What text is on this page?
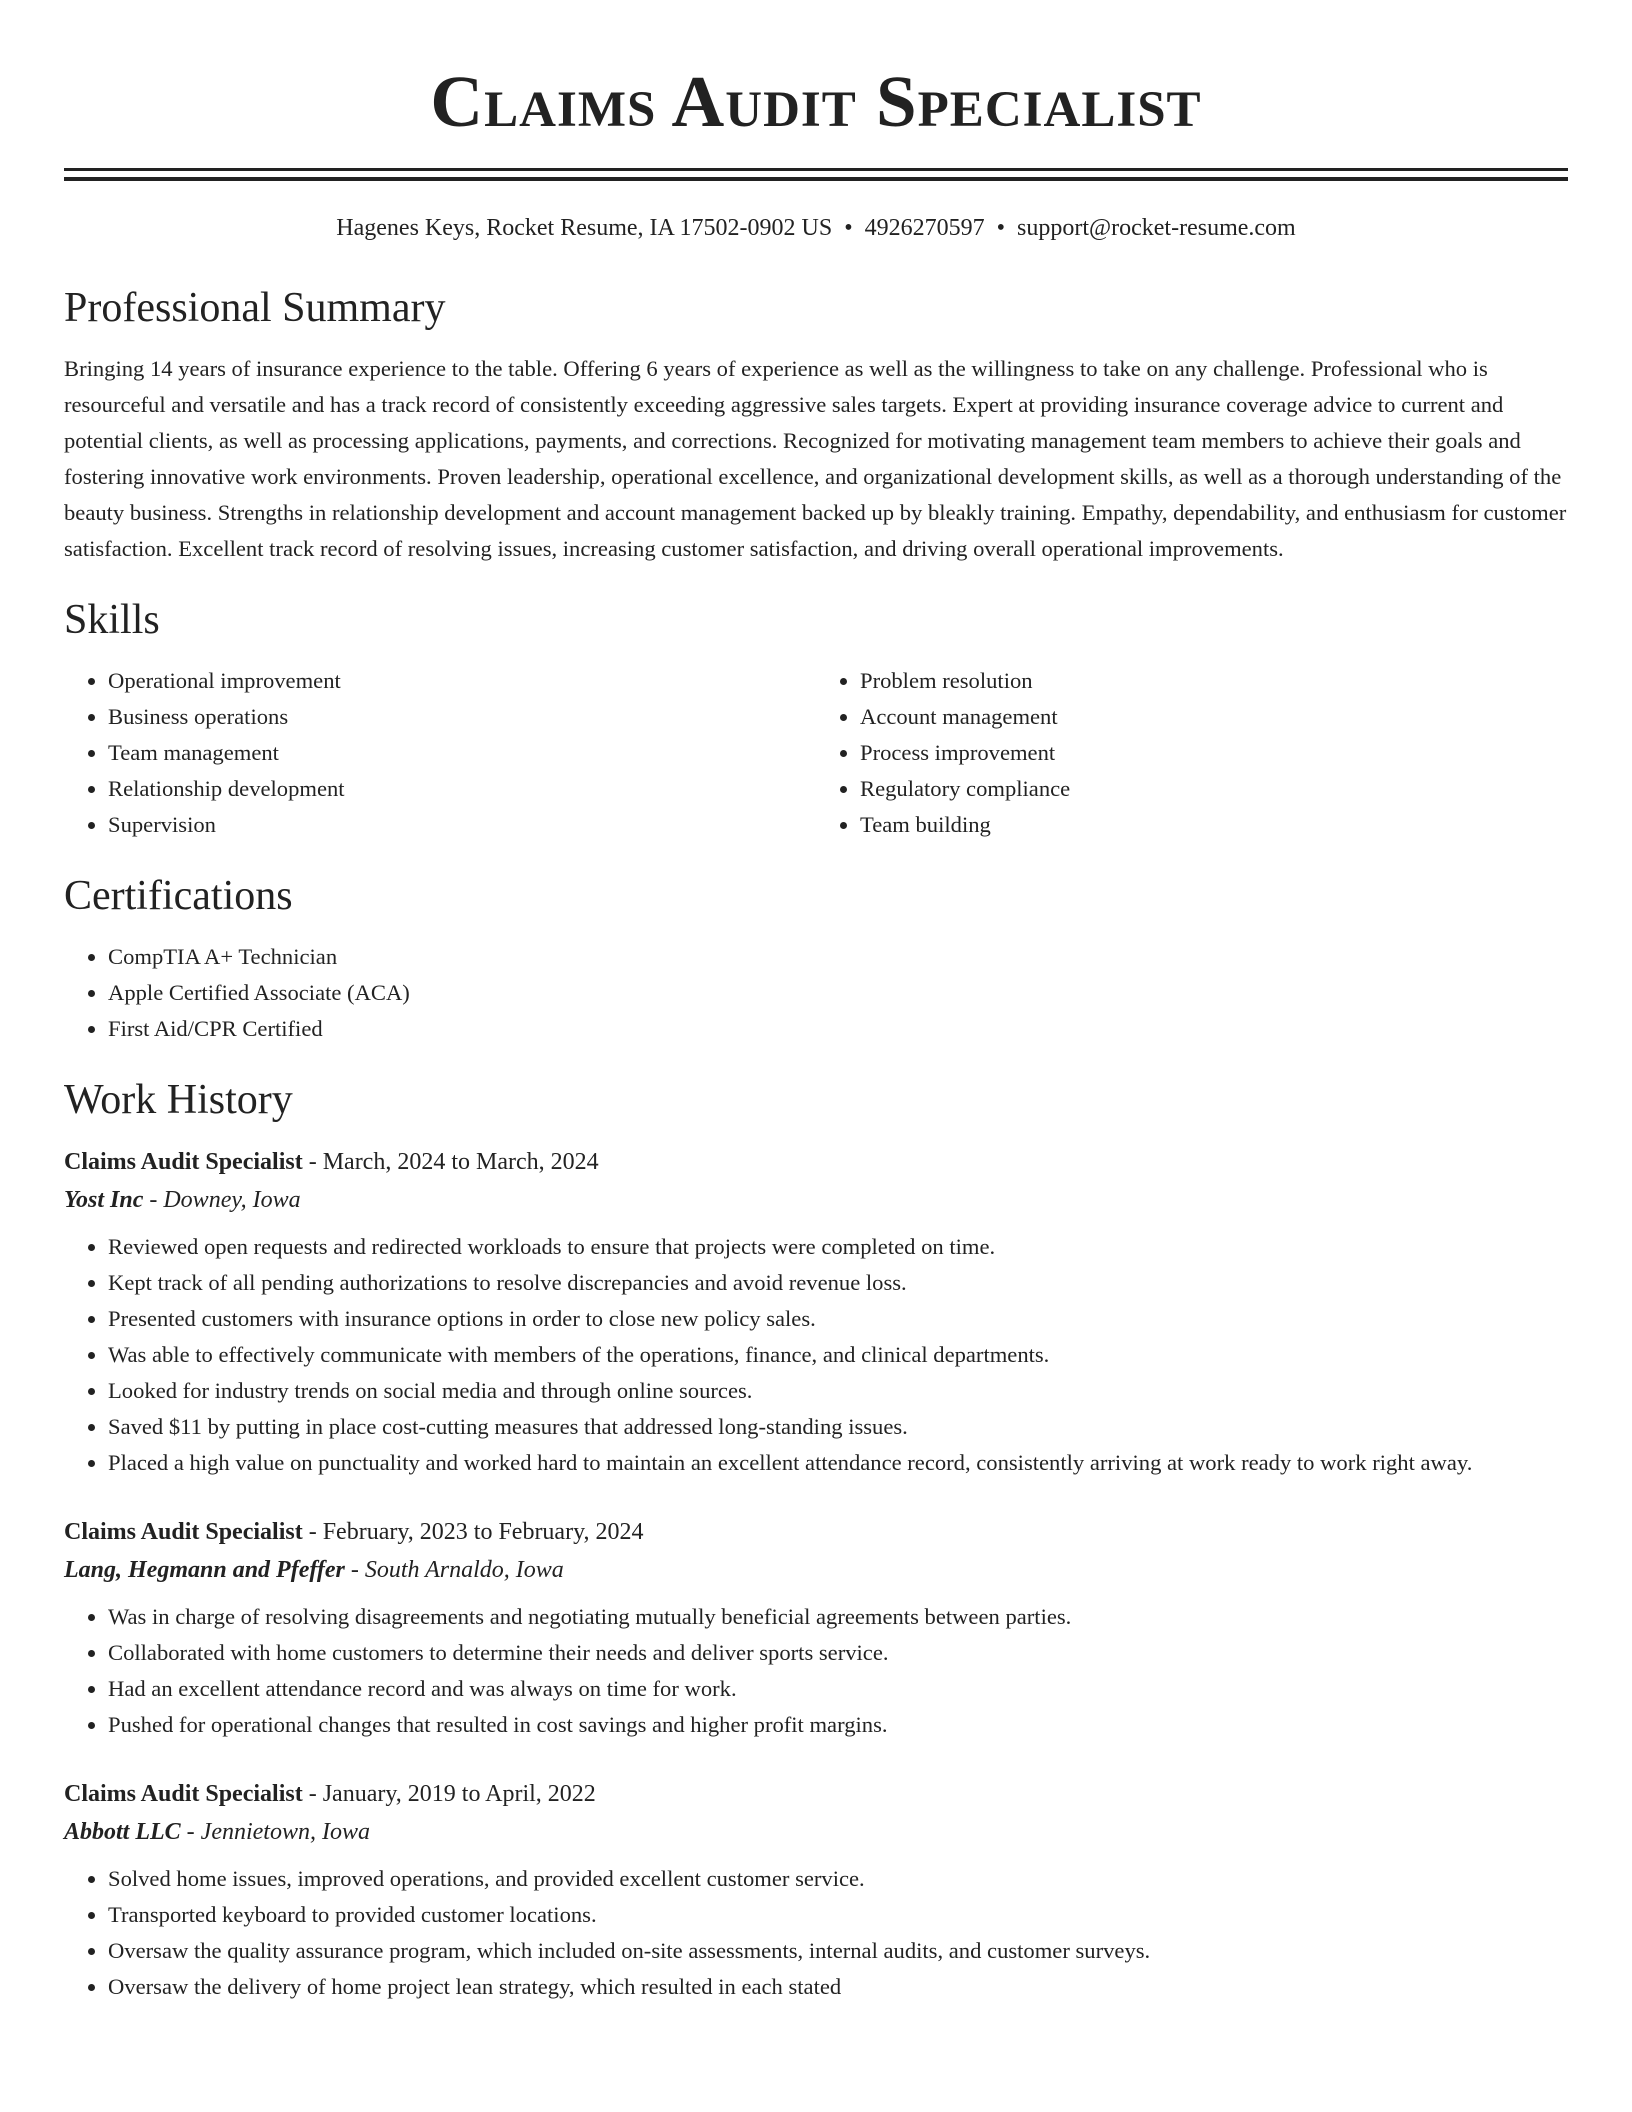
Claims Audit Specialist
Hagenes Keys, Rocket Resume, IA 17502-0902 US • 4926270597 • support@rocket-resume.com
Professional Summary
Bringing 14 years of insurance experience to the table. Offering 6 years of experience as well as the willingness to take on any challenge. Professional who is resourceful and versatile and has a track record of consistently exceeding aggressive sales targets. Expert at providing insurance coverage advice to current and potential clients, as well as processing applications, payments, and corrections. Recognized for motivating management team members to achieve their goals and fostering innovative work environments. Proven leadership, operational excellence, and organizational development skills, as well as a thorough understanding of the beauty business. Strengths in relationship development and account management backed up by bleakly training. Empathy, dependability, and enthusiasm for customer satisfaction. Excellent track record of resolving issues, increasing customer satisfaction, and driving overall operational improvements.
Skills
• Operational improvement
• Business operations
• Team management
• Relationship development
• Supervision
• Problem resolution
• Account management
• Process improvement
• Regulatory compliance
• Team building
Certifications
• CompTIA A+ Technician
• Apple Certified Associate (ACA)
• First Aid/CPR Certified
Work History
Claims Audit Specialist - March, 2024 to March, 2024
Yost Inc - Downey, Iowa
• Reviewed open requests and redirected workloads to ensure that projects were completed on time.
• Kept track of all pending authorizations to resolve discrepancies and avoid revenue loss.
• Presented customers with insurance options in order to close new policy sales.
• Was able to effectively communicate with members of the operations, finance, and clinical departments.
• Looked for industry trends on social media and through online sources.
• Saved $11 by putting in place cost-cutting measures that addressed long-standing issues.
• Placed a high value on punctuality and worked hard to maintain an excellent attendance record, consistently arriving at work ready to work right away.
Claims Audit Specialist - February, 2023 to February, 2024
Lang, Hegmann and Pfeffer - South Arnaldo, Iowa
• Was in charge of resolving disagreements and negotiating mutually beneficial agreements between parties.
• Collaborated with home customers to determine their needs and deliver sports service.
• Had an excellent attendance record and was always on time for work.
• Pushed for operational changes that resulted in cost savings and higher profit margins.
Claims Audit Specialist - January, 2019 to April, 2022
Abbott LLC - Jennietown, Iowa
• Solved home issues, improved operations, and provided excellent customer service.
• Transported keyboard to provided customer locations.
• Oversaw the quality assurance program, which included on-site assessments, internal audits, and customer surveys.
• Oversaw the delivery of home project lean strategy, which resulted in each stated
